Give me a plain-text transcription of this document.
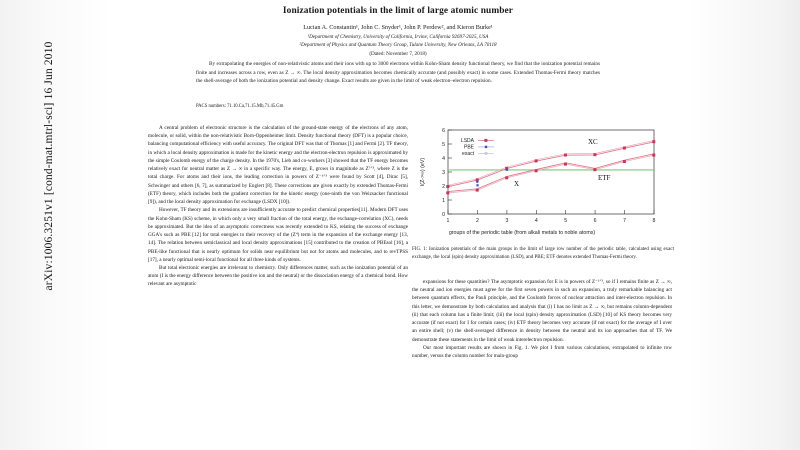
arXiv:1006.3251v1 [cond-mat.mtrl-sci] 16 Jun 2010
Ionization potentials in the limit of large atomic number
Lucian A. Constantin¹, John C. Snyder¹, John P. Perdew², and Kieron Burke¹
¹Department of Chemistry, University of California, Irvine, California 92697-2025, USA
²Department of Physics and Quantum Theory Group, Tulane University, New Orleans, LA 70118
(Dated: November 7, 2018)

By extrapolating the energies of non-relativistic atoms and their ions with up to 3000 electrons within Kohn-Sham density functional theory, we find that the ionization potential remains finite and increases across a row, even as Z → ∞. The local density approximation becomes chemically accurate (and possibly exact) in some cases. Extended Thomas-Fermi theory matches the shell-average of both the ionization potential and density change. Exact results are given in the limit of weak electron–electron repulsion.

PACS numbers: 71.10.Ca,71.15.Mb,71.45.Gm

A central problem of electronic structure is the calculation of the ground-state energy of the electrons of any atom, molecule, or solid, within the non-relativistic Born-Oppenheimer limit. Density functional theory (DFT) is a popular choice, balancing computational efficiency with useful accuracy. The original DFT was that of Thomas [1] and Fermi [2]. TF theory, in which a local density approximation is made for the kinetic energy and the electron-electron repulsion is approximated by the simple Coulomb energy of the charge density. In the 1970's, Lieb and co-workers [3] showed that the TF energy becomes relatively exact for neutral matter as Z → ∞ in a specific way. The energy, E, grows in magnitude as Z⁷ᐟ³, where Z is the total charge. For atoms and their ions, the leading correction in powers of Z⁻¹ᐟ³ were found by Scott [4], Dirac [5], Schwinger and others [6, 7], as summarized by Englert [8]. These corrections are given exactly by extended Thomas-Fermi (ETF) theory, which includes both the gradient correction for the kinetic energy (one-ninth the von Weizsacker functional [9]), and the local density approximation for exchange (LSDX [10]).

However, TF theory and its extensions are insufficiently accurate to predict chemical properties[11]. Modern DFT uses the Kohn-Sham (KS) scheme, in which only a very small fraction of the total energy, the exchange-correlation (XC), needs be approximated. But the idea of an asymptotic correctness was recently extended to KS, relating the success of exchange GGA's such as PBE [12] for total energies to their recovery of the (Z⁴) term in the expansion of the exchange energy [13, 14]. The relation between semiclassical and local density approximations [15] contributed to the creation of PBEsol [16], a PBE-like functional that is nearly optimum for solids near equilibrium but not for atoms and molecules, and to revTPSS [17], a nearly optimal semi-local functional for all three kinds of systems.

But total electronic energies are irrelevant to chemistry. Only differences matter, such as the ionization potential of an atom (I is the energy difference between the positive ion and the neutral) or the dissociation energy of a chemical bond. How relevant are asymptotic

0
1
2
3
4
5
6
1	2	3	4	5	6	7	8
groups of the periodic table (from alkali metals to noble atoms)
I(Z->∞) (eV)
LSDA
PBE
exact
XC
ETF
X
FIG. 1: Ionization potentials of the main groups in the limit of large row number of the periodic table, calculated using exact exchange, the local (spin) density approximation (LSD), and PBE; ETF denotes extended Thomas-Fermi theory.

expansions for these quantities? The asymptotic expansion for E is in powers of Z⁻¹ᐟ³, so if I remains finite as Z → ∞, the neutral and ion energies must agree for the first seven powers in such an expansion, a truly remarkable balancing act between quantum effects, the Pauli principle, and the Coulomb forces of nuclear attraction and inter-electron repulsion. In this letter, we demonstrate by both calculation and analysis that (i) I has no limit as Z → ∞, but remains column-dependent (ii) that each column has a finite limit; (iii) the local (spin) density approximation (LSD) [10] of KS theory becomes very accurate (if not exact) for I for certain cases; (iv) ETF theory becomes very accurate (if not exact) for the average of I over an entire shell; (v) the shell-averaged difference in density between the neutral and its ion approaches that of TF. We demonstrate these statements in the limit of weak interelectron repulsion.

Our most important results are shown in Fig. 1. We plot I from various calculations, extrapolated to infinite row number, versus the column number for main-group
